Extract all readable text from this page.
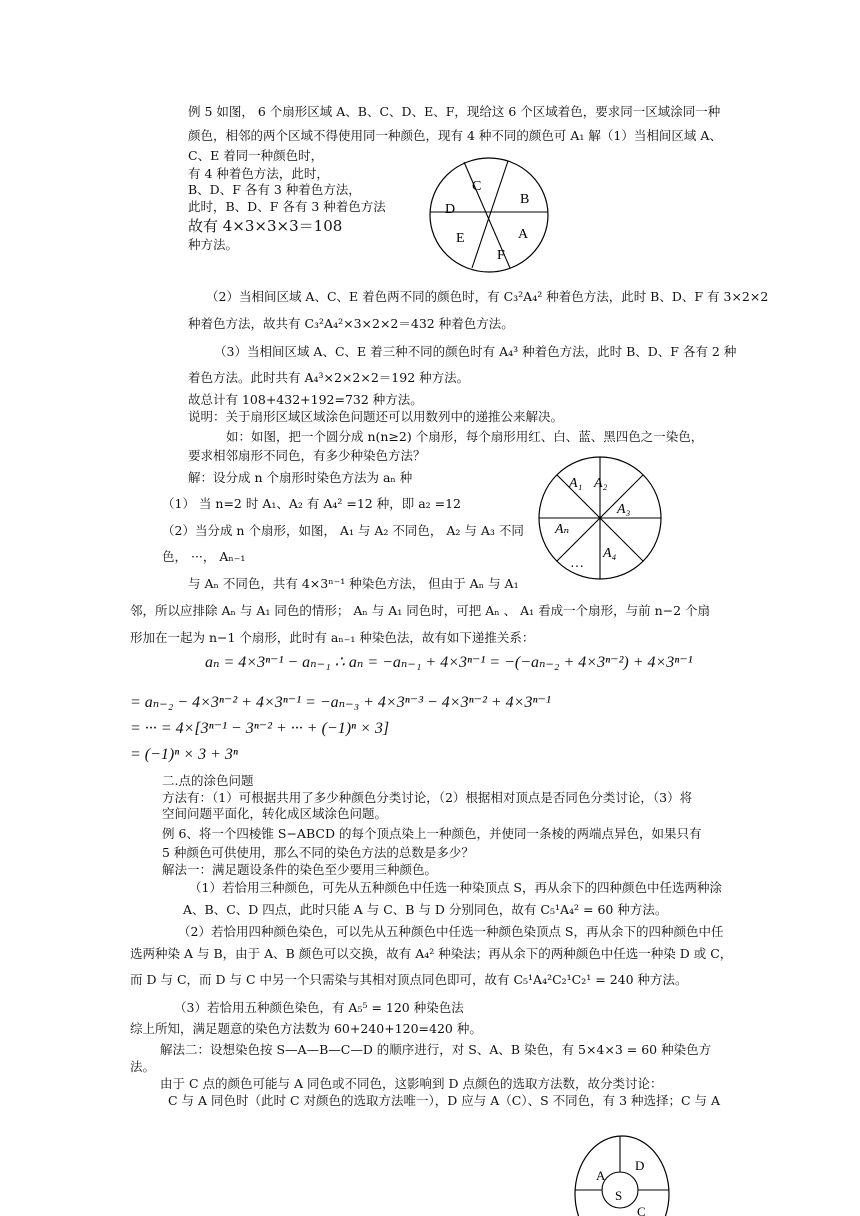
例 5 如图， 6 个扇形区域 A、B、C、D、E、F，现给这 6 个区域着色，要求同一区域涂同一种
颜色，相邻的两个区域不得使用同一种颜色，现有 4 种不同的颜色可 A₁ 解（1）当相间区域 A、
C、E 着同一种颜色时，
有 4 种着色方法，此时，
B、D、F 各有 3 种着色方法，
此时，B、D、F 各有 3 种着色方法
故有 4×3×3×3＝108
种方法。
C
B
D
A
E
F
（2）当相间区域 A、C、E 着色两不同的颜色时，有 C₃²A₄² 种着色方法，此时 B、D、F 有 3×2×2
种着色方法，故共有 C₃²A₄²×3×2×2＝432 种着色方法。
（3）当相间区域 A、C、E 着三种不同的颜色时有 A₄³ 种着色方法，此时 B、D、F 各有 2 种
着色方法。此时共有 A₄³×2×2×2＝192 种方法。
故总计有 108+432+192=732 种方法。
说明：关于扇形区域区域涂色问题还可以用数列中的递推公来解决。
如：如图，把一个圆分成 n(n≥2) 个扇形，每个扇形用红、白、蓝、黑四色之一染色，
要求相邻扇形不同色，有多少种染色方法？
解：设分成 n 个扇形时染色方法为 aₙ 种
（1） 当 n=2 时 A₁、A₂ 有 A₄² =12 种，即 a₂ =12
（2）当分成 n 个扇形，如图， A₁ 与 A₂ 不同色， A₂ 与 A₃ 不同
色， ···， Aₙ₋₁
与 Aₙ 不同色，共有 4×3ⁿ⁻¹ 种染色方法， 但由于 Aₙ 与 A₁
邻，所以应排除 Aₙ 与 A₁ 同色的情形； Aₙ 与 A₁ 同色时，可把 Aₙ 、 A₁ 看成一个扇形，与前 n−2 个扇
形加在一起为 n−1 个扇形，此时有 aₙ₋₁ 种染色法，故有如下递推关系：
A₁ A₂
A₃
Aₙ
A₄
···
aₙ = 4×3ⁿ⁻¹ − aₙ₋₁ ∴ aₙ = −aₙ₋₁ + 4×3ⁿ⁻¹ = −(−aₙ₋₂ + 4×3ⁿ⁻²) + 4×3ⁿ⁻¹
= aₙ₋₂ − 4×3ⁿ⁻² + 4×3ⁿ⁻¹ = −aₙ₋₃ + 4×3ⁿ⁻³ − 4×3ⁿ⁻² + 4×3ⁿ⁻¹
= ··· = 4×[3ⁿ⁻¹ − 3ⁿ⁻² + ··· + (−1)ⁿ × 3]
= (−1)ⁿ × 3 + 3ⁿ
二.点的涂色问题
方法有：（1）可根据共用了多少种颜色分类讨论，（2）根据相对顶点是否同色分类讨论，（3）将
空间问题平面化，转化成区域涂色问题。
例 6、将一个四棱锥 S−ABCD 的每个顶点染上一种颜色，并使同一条棱的两端点异色，如果只有
5 种颜色可供使用，那么不同的染色方法的总数是多少？
解法一：满足题设条件的染色至少要用三种颜色。
（1）若恰用三种颜色，可先从五种颜色中任选一种染顶点 S，再从余下的四种颜色中任选两种涂
A、B、C、D 四点，此时只能 A 与 C、B 与 D 分别同色，故有 C₅¹A₄² = 60 种方法。
（2）若恰用四种颜色染色，可以先从五种颜色中任选一种颜色染顶点 S，再从余下的四种颜色中任
选两种染 A 与 B，由于 A、B 颜色可以交换，故有 A₄² 种染法；再从余下的两种颜色中任选一种染 D 或 C，
而 D 与 C，而 D 与 C 中另一个只需染与其相对顶点同色即可，故有 C₅¹A₄²C₂¹C₂¹ = 240 种方法。
（3）若恰用五种颜色染色，有 A₅⁵ = 120 种染色法
综上所知，满足题意的染色方法数为 60+240+120=420 种。
解法二：设想染色按 S—A—B—C—D 的顺序进行，对 S、A、B 染色，有 5×4×3 = 60 种染色方
法。
由于 C 点的颜色可能与 A 同色或不同色，这影响到 D 点颜色的选取方法数，故分类讨论：
C 与 A 同色时（此时 C 对颜色的选取方法唯一），D 应与 A（C）、S 不同色，有 3 种选择；C 与 A
A
D
S
C
